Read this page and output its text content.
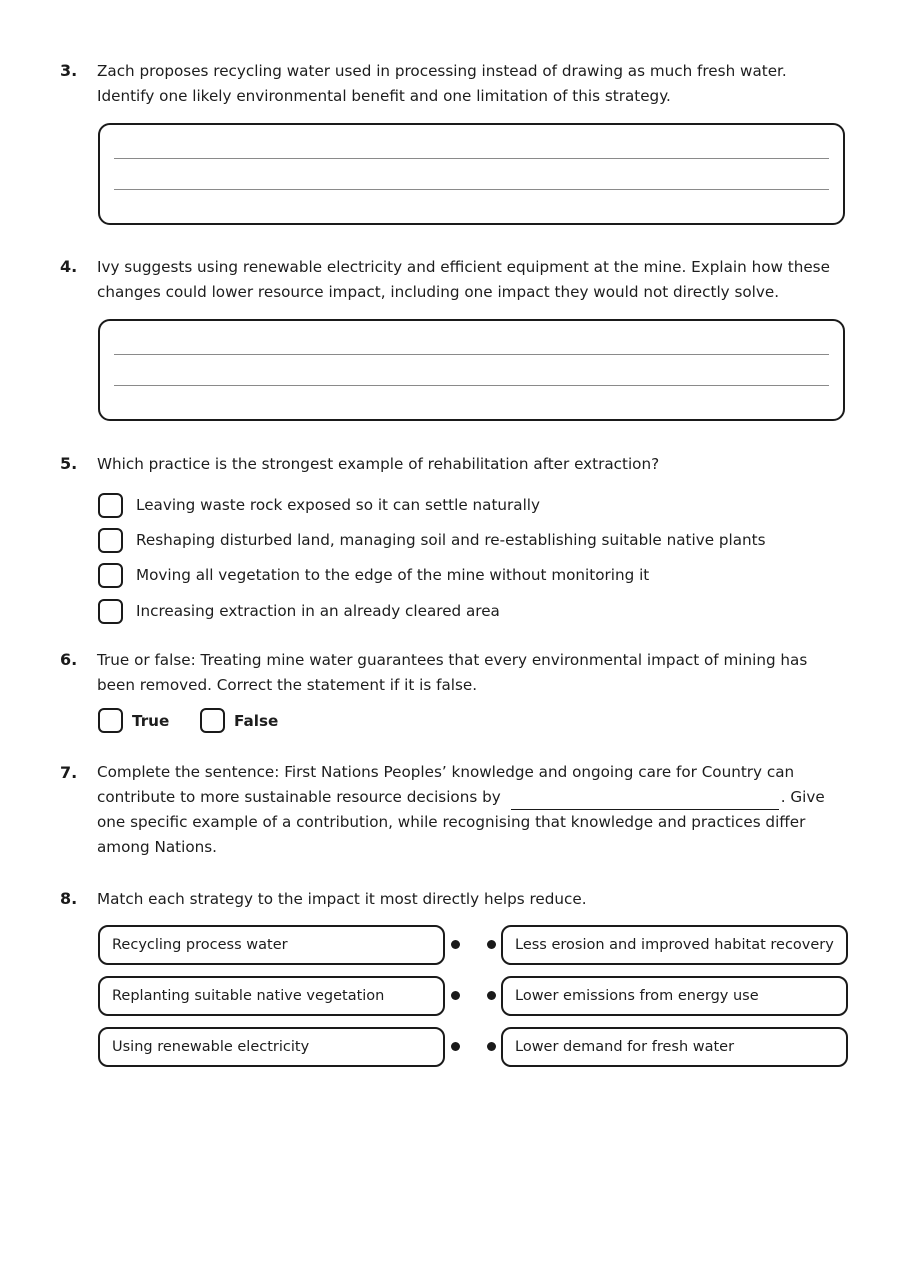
3. Zach proposes recycling water used in processing instead of drawing as much fresh water.
Identify one likely environmental benefit and one limitation of this strategy.
4. Ivy suggests using renewable electricity and efficient equipment at the mine. Explain how these
changes could lower resource impact, including one impact they would not directly solve.
5. Which practice is the strongest example of rehabilitation after extraction?
Leaving waste rock exposed so it can settle naturally
Reshaping disturbed land, managing soil and re-establishing suitable native plants
Moving all vegetation to the edge of the mine without monitoring it
Increasing extraction in an already cleared area
6. True or false: Treating mine water guarantees that every environmental impact of mining has
been removed. Correct the statement if it is false.
True	False
7. Complete the sentence: First Nations Peoples’ knowledge and ongoing care for Country can
contribute to more sustainable resource decisions by	. Give
one specific example of a contribution, while recognising that knowledge and practices differ
among Nations.
8. Match each strategy to the impact it most directly helps reduce.
Recycling process water
Replanting suitable native vegetation
Using renewable electricity
Less erosion and improved habitat recovery
Lower emissions from energy use
Lower demand for fresh water
